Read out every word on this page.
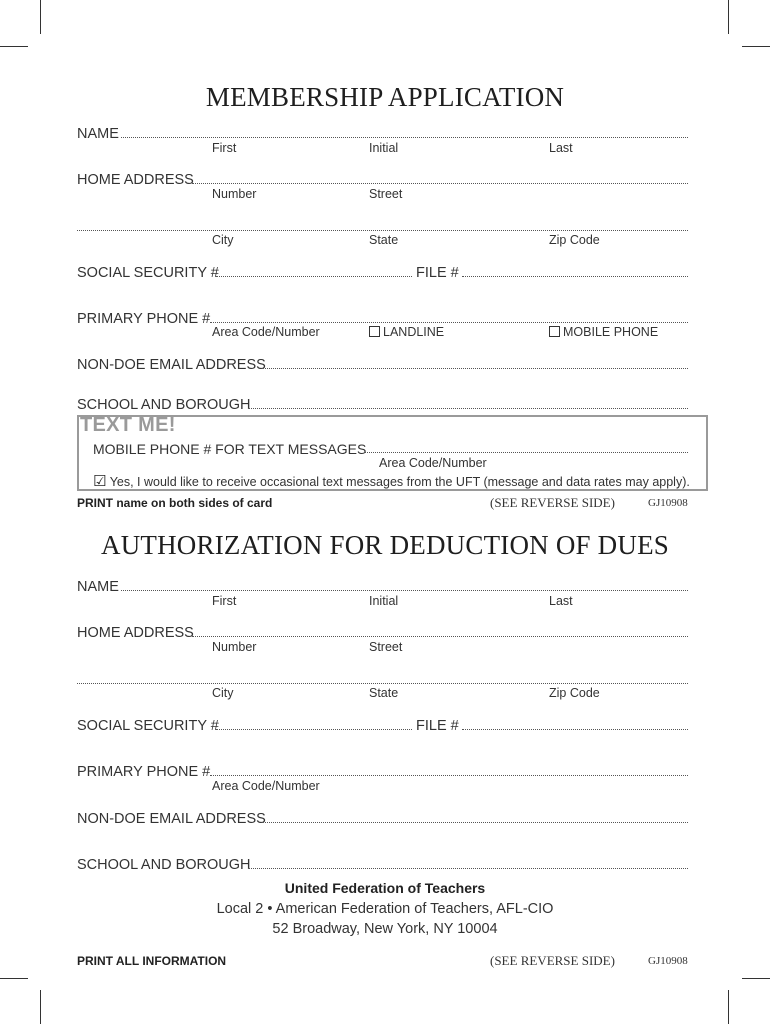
MEMBERSHIP APPLICATION
NAME
First	Initial	Last
HOME ADDRESS
Number	Street
City	State	Zip Code
SOCIAL SECURITY #	FILE #
PRIMARY PHONE #
Area Code/Number	LANDLINE	MOBILE PHONE
NON-DOE EMAIL ADDRESS
SCHOOL AND BOROUGH
TEXT ME!
MOBILE PHONE # FOR TEXT MESSAGES
Area Code/Number
☑ Yes, I would like to receive occasional text messages from the UFT (message and data rates may apply).
PRINT name on both sides of card	(SEE REVERSE SIDE)	GJ10908
AUTHORIZATION FOR DEDUCTION OF DUES
NAME
First	Initial	Last
HOME ADDRESS
Number	Street
City	State	Zip Code
SOCIAL SECURITY #	FILE #
PRIMARY PHONE #
Area Code/Number
NON-DOE EMAIL ADDRESS
SCHOOL AND BOROUGH
United Federation of Teachers
Local 2 • American Federation of Teachers, AFL-CIO
52 Broadway, New York, NY 10004
PRINT ALL INFORMATION	(SEE REVERSE SIDE)	GJ10908
